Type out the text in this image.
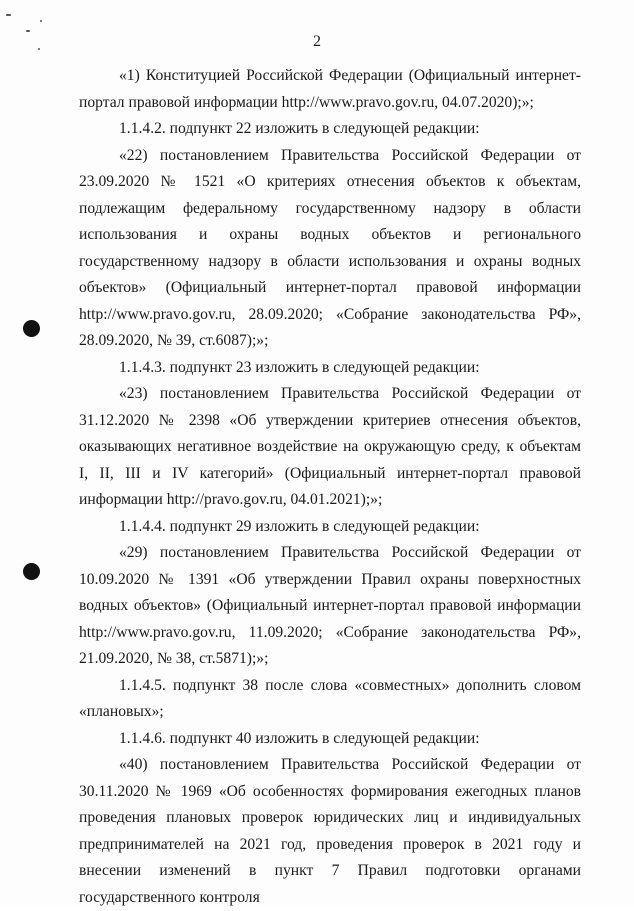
2

«1) Конституцией Российской Федерации (Официальный интернет-портал правовой информации http://www.pravo.gov.ru, 04.07.2020);»;

1.1.4.2. подпункт 22 изложить в следующей редакции:

«22) постановлением Правительства Российской Федерации от 23.09.2020 № 1521 «О критериях отнесения объектов к объектам, подлежащим федеральному государственному надзору в области использования и охраны водных объектов и регионального государственному надзору в области использования и охраны водных объектов» (Официальный интернет-портал правовой информации http://www.pravo.gov.ru, 28.09.2020; «Собрание законодательства РФ», 28.09.2020, № 39, ст.6087);»;

1.1.4.3. подпункт 23 изложить в следующей редакции:

«23) постановлением Правительства Российской Федерации от 31.12.2020 № 2398 «Об утверждении критериев отнесения объектов, оказывающих негативное воздействие на окружающую среду, к объектам I, II, III и IV категорий» (Официальный интернет-портал правовой информации http://pravo.gov.ru, 04.01.2021);»;

1.1.4.4. подпункт 29 изложить в следующей редакции:

«29) постановлением Правительства Российской Федерации от 10.09.2020 № 1391 «Об утверждении Правил охраны поверхностных водных объектов» (Официальный интернет-портал правовой информации http://www.pravo.gov.ru, 11.09.2020; «Собрание законодательства РФ», 21.09.2020, № 38, ст.5871);»;

1.1.4.5. подпункт 38 после слова «совместных» дополнить словом «плановых»;

1.1.4.6. подпункт 40 изложить в следующей редакции:

«40) постановлением Правительства Российской Федерации от 30.11.2020 № 1969 «Об особенностях формирования ежегодных планов проведения плановых проверок юридических лиц и индивидуальных предпринимателей на 2021 год, проведения проверок в 2021 году и внесении изменений в пункт 7 Правил подготовки органами государственного контроля
